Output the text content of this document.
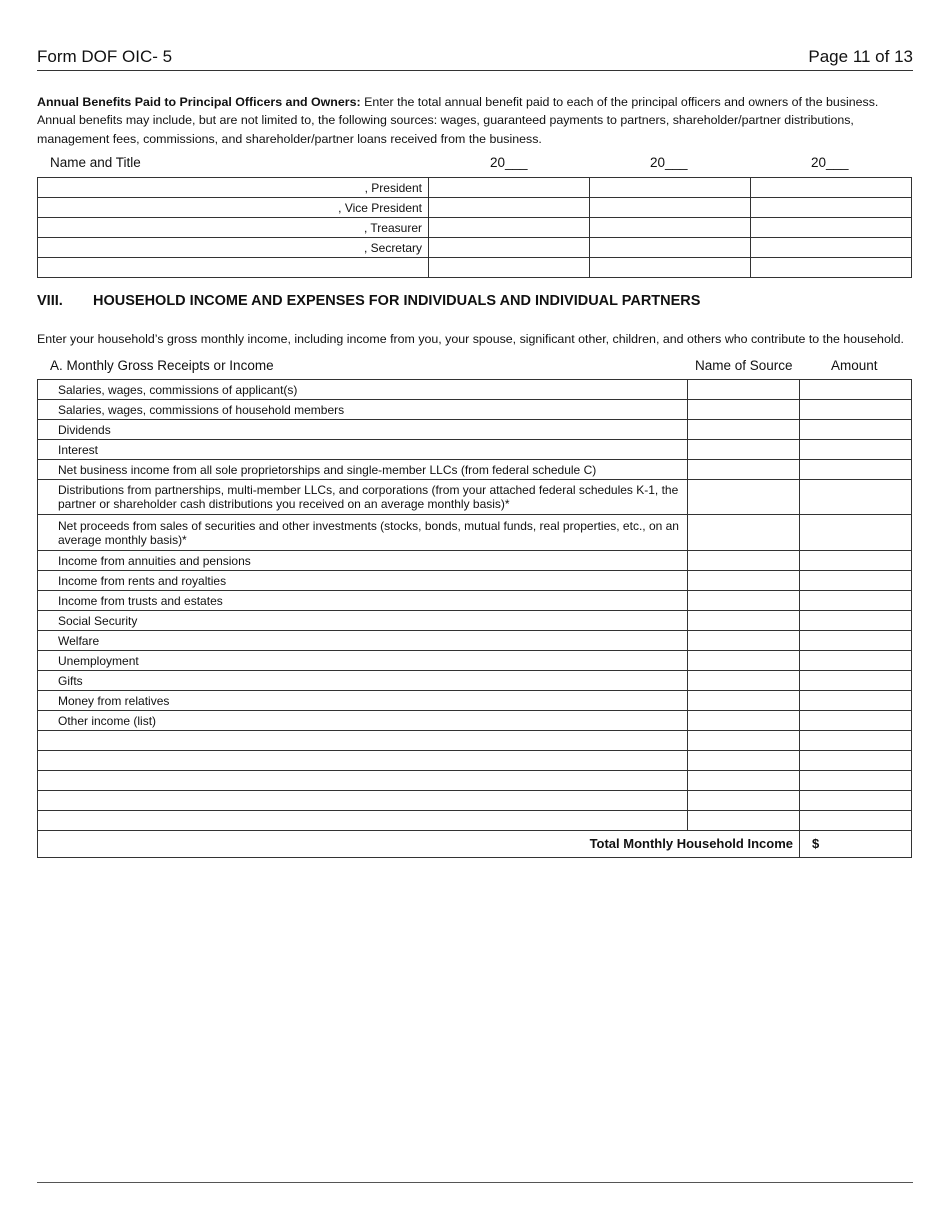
Form DOF OIC- 5	Page 11 of 13
Annual Benefits Paid to Principal Officers and Owners: Enter the total annual benefit paid to each of the principal officers and owners of the business. Annual benefits may include, but are not limited to, the following sources: wages, guaranteed payments to partners, shareholder/partner distributions, management fees, commissions, and shareholder/partner loans received from the business.
Name and Title	20___	20___	20___
, President			
, Vice President			
, Treasurer			
, Secretary			

VIII. HOUSEHOLD INCOME AND EXPENSES FOR INDIVIDUALS AND INDIVIDUAL PARTNERS
Enter your household’s gross monthly income, including income from you, your spouse, significant other, children, and others who contribute to the household.
A. Monthly Gross Receipts or Income	Name of Source	Amount
Salaries, wages, commissions of applicant(s)		
Salaries, wages, commissions of household members		
Dividends		
Interest		
Net business income from all sole proprietorships and single-member LLCs (from federal schedule C)		
Distributions from partnerships, multi-member LLCs, and corporations (from your attached federal schedules K-1, the partner or shareholder cash distributions you received on an average monthly basis)*		
Net proceeds from sales of securities and other investments (stocks, bonds, mutual funds, real properties, etc., on an average monthly basis)*		
Income from annuities and pensions		
Income from rents and royalties		
Income from trusts and estates		
Social Security		
Welfare		
Unemployment		
Gifts		
Money from relatives		
Other income (list)		

Total Monthly Household Income		$
